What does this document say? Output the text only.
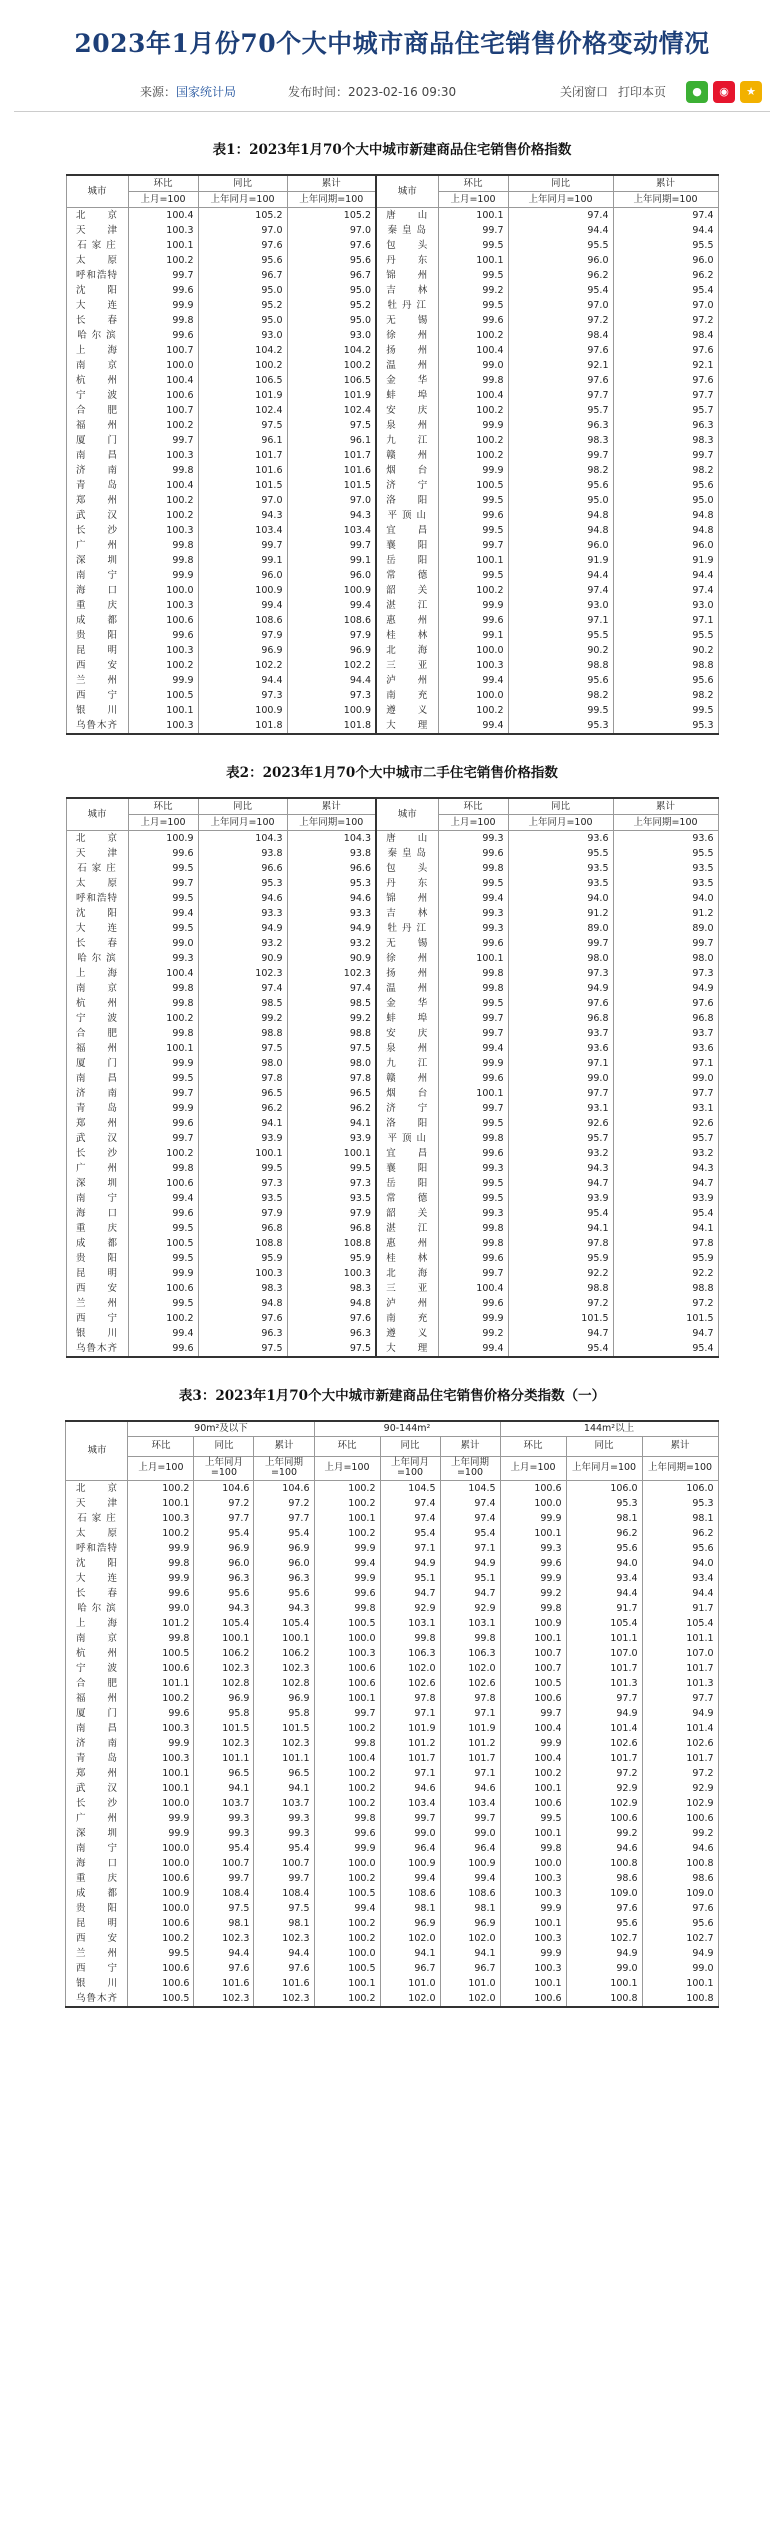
2023年1月份70个大中城市商品住宅销售价格变动情况
来源：国家统计局	发布时间：2023-02-16 09:30	关闭窗口 打印本页	●	◉	★
表1：2023年1月70个大中城市新建商品住宅销售价格指数
城市	环比	同比	累计	城市	环比	同比	累计
	上月=100	上年同月=100	上年同期=100		上月=100	上年同月=100	上年同期=100
北　　京	100.4	105.2	105.2	唐　　山	100.1	97.4	97.4
天　　津	100.3	97.0	97.0	秦 皇 岛	99.7	94.4	94.4
石 家 庄	100.1	97.6	97.6	包　　头	99.5	95.5	95.5
太　　原	100.2	95.6	95.6	丹　　东	100.1	96.0	96.0
呼和浩特	99.7	96.7	96.7	锦　　州	99.5	96.2	96.2
沈　　阳	99.6	95.0	95.0	吉　　林	99.2	95.4	95.4
大　　连	99.9	95.2	95.2	牡 丹 江	99.5	97.0	97.0
长　　春	99.8	95.0	95.0	无　　锡	99.6	97.2	97.2
哈 尔 滨	99.6	93.0	93.0	徐　　州	100.2	98.4	98.4
上　　海	100.7	104.2	104.2	扬　　州	100.4	97.6	97.6
南　　京	100.0	100.2	100.2	温　　州	99.0	92.1	92.1
杭　　州	100.4	106.5	106.5	金　　华	99.8	97.6	97.6
宁　　波	100.6	101.9	101.9	蚌　　埠	100.4	97.7	97.7
合　　肥	100.7	102.4	102.4	安　　庆	100.2	95.7	95.7
福　　州	100.2	97.5	97.5	泉　　州	99.9	96.3	96.3
厦　　门	99.7	96.1	96.1	九　　江	100.2	98.3	98.3
南　　昌	100.3	101.7	101.7	赣　　州	100.2	99.7	99.7
济　　南	99.8	101.6	101.6	烟　　台	99.9	98.2	98.2
青　　岛	100.4	101.5	101.5	济　　宁	100.5	95.6	95.6
郑　　州	100.2	97.0	97.0	洛　　阳	99.5	95.0	95.0
武　　汉	100.2	94.3	94.3	平 顶 山	99.6	94.8	94.8
长　　沙	100.3	103.4	103.4	宜　　昌	99.5	94.8	94.8
广　　州	99.8	99.7	99.7	襄　　阳	99.7	96.0	96.0
深　　圳	99.8	99.1	99.1	岳　　阳	100.1	91.9	91.9
南　　宁	99.9	96.0	96.0	常　　德	99.5	94.4	94.4
海　　口	100.0	100.9	100.9	韶　　关	100.2	97.4	97.4
重　　庆	100.3	99.4	99.4	湛　　江	99.9	93.0	93.0
成　　都	100.6	108.6	108.6	惠　　州	99.6	97.1	97.1
贵　　阳	99.6	97.9	97.9	桂　　林	99.1	95.5	95.5
昆　　明	100.3	96.9	96.9	北　　海	100.0	90.2	90.2
西　　安	100.2	102.2	102.2	三　　亚	100.3	98.8	98.8
兰　　州	99.9	94.4	94.4	泸　　州	99.4	95.6	95.6
西　　宁	100.5	97.3	97.3	南　　充	100.0	98.2	98.2
银　　川	100.1	100.9	100.9	遵　　义	100.2	99.5	99.5
乌鲁木齐	100.3	101.8	101.8	大　　理	99.4	95.3	95.3
表2：2023年1月70个大中城市二手住宅销售价格指数
城市	环比	同比	累计	城市	环比	同比	累计
	上月=100	上年同月=100	上年同期=100		上月=100	上年同月=100	上年同期=100
北　　京	100.9	104.3	104.3	唐　　山	99.3	93.6	93.6
天　　津	99.6	93.8	93.8	秦 皇 岛	99.6	95.5	95.5
石 家 庄	99.5	96.6	96.6	包　　头	99.8	93.5	93.5
太　　原	99.7	95.3	95.3	丹　　东	99.5	93.5	93.5
呼和浩特	99.5	94.6	94.6	锦　　州	99.4	94.0	94.0
沈　　阳	99.4	93.3	93.3	吉　　林	99.3	91.2	91.2
大　　连	99.5	94.9	94.9	牡 丹 江	99.3	89.0	89.0
长　　春	99.0	93.2	93.2	无　　锡	99.6	99.7	99.7
哈 尔 滨	99.3	90.9	90.9	徐　　州	100.1	98.0	98.0
上　　海	100.4	102.3	102.3	扬　　州	99.8	97.3	97.3
南　　京	99.8	97.4	97.4	温　　州	99.8	94.9	94.9
杭　　州	99.8	98.5	98.5	金　　华	99.5	97.6	97.6
宁　　波	100.2	99.2	99.2	蚌　　埠	99.7	96.8	96.8
合　　肥	99.8	98.8	98.8	安　　庆	99.7	93.7	93.7
福　　州	100.1	97.5	97.5	泉　　州	99.4	93.6	93.6
厦　　门	99.9	98.0	98.0	九　　江	99.9	97.1	97.1
南　　昌	99.5	97.8	97.8	赣　　州	99.6	99.0	99.0
济　　南	99.7	96.5	96.5	烟　　台	100.1	97.7	97.7
青　　岛	99.9	96.2	96.2	济　　宁	99.7	93.1	93.1
郑　　州	99.6	94.1	94.1	洛　　阳	99.5	92.6	92.6
武　　汉	99.7	93.9	93.9	平 顶 山	99.8	95.7	95.7
长　　沙	100.2	100.1	100.1	宜　　昌	99.6	93.2	93.2
广　　州	99.8	99.5	99.5	襄　　阳	99.3	94.3	94.3
深　　圳	100.6	97.3	97.3	岳　　阳	99.5	94.7	94.7
南　　宁	99.4	93.5	93.5	常　　德	99.5	93.9	93.9
海　　口	99.6	97.9	97.9	韶　　关	99.3	95.4	95.4
重　　庆	99.5	96.8	96.8	湛　　江	99.8	94.1	94.1
成　　都	100.5	108.8	108.8	惠　　州	99.8	97.8	97.8
贵　　阳	99.5	95.9	95.9	桂　　林	99.6	95.9	95.9
昆　　明	99.9	100.3	100.3	北　　海	99.7	92.2	92.2
西　　安	100.6	98.3	98.3	三　　亚	100.4	98.8	98.8
兰　　州	99.5	94.8	94.8	泸　　州	99.6	97.2	97.2
西　　宁	100.2	97.6	97.6	南　　充	99.9	101.5	101.5
银　　川	99.4	96.3	96.3	遵　　义	99.2	94.7	94.7
乌鲁木齐	99.6	97.5	97.5	大　　理	99.4	95.4	95.4
表3：2023年1月70个大中城市新建商品住宅销售价格分类指数（一）
城市	90m²及以下			90-144m²			144m²以上		
	环比	同比	累计	环比	同比	累计	环比	同比	累计
	上月=100	上年同月=100	上年同期=100	上月=100	上年同月=100	上年同期=100	上月=100	上年同月=100	上年同期=100
北　　京	100.2	104.6	104.6	100.2	104.5	104.5	100.6	106.0	106.0
天　　津	100.1	97.2	97.2	100.2	97.4	97.4	100.0	95.3	95.3
石 家 庄	100.3	97.7	97.7	100.1	97.4	97.4	99.9	98.1	98.1
太　　原	100.2	95.4	95.4	100.2	95.4	95.4	100.1	96.2	96.2
呼和浩特	99.9	96.9	96.9	99.9	97.1	97.1	99.3	95.6	95.6
沈　　阳	99.8	96.0	96.0	99.4	94.9	94.9	99.6	94.0	94.0
大　　连	99.9	96.3	96.3	99.9	95.1	95.1	99.9	93.4	93.4
长　　春	99.6	95.6	95.6	99.6	94.7	94.7	99.2	94.4	94.4
哈 尔 滨	99.0	94.3	94.3	99.8	92.9	92.9	99.8	91.7	91.7
上　　海	101.2	105.4	105.4	100.5	103.1	103.1	100.9	105.4	105.4
南　　京	99.8	100.1	100.1	100.0	99.8	99.8	100.1	101.1	101.1
杭　　州	100.5	106.2	106.2	100.3	106.3	106.3	100.7	107.0	107.0
宁　　波	100.6	102.3	102.3	100.6	102.0	102.0	100.7	101.7	101.7
合　　肥	101.1	102.8	102.8	100.6	102.6	102.6	100.5	101.3	101.3
福　　州	100.2	96.9	96.9	100.1	97.8	97.8	100.6	97.7	97.7
厦　　门	99.6	95.8	95.8	99.7	97.1	97.1	99.7	94.9	94.9
南　　昌	100.3	101.5	101.5	100.2	101.9	101.9	100.4	101.4	101.4
济　　南	99.9	102.3	102.3	99.8	101.2	101.2	99.9	102.6	102.6
青　　岛	100.3	101.1	101.1	100.4	101.7	101.7	100.4	101.7	101.7
郑　　州	100.1	96.5	96.5	100.2	97.1	97.1	100.2	97.2	97.2
武　　汉	100.1	94.1	94.1	100.2	94.6	94.6	100.1	92.9	92.9
长　　沙	100.0	103.7	103.7	100.2	103.4	103.4	100.6	102.9	102.9
广　　州	99.9	99.3	99.3	99.8	99.7	99.7	99.5	100.6	100.6
深　　圳	99.9	99.3	99.3	99.6	99.0	99.0	100.1	99.2	99.2
南　　宁	100.0	95.4	95.4	99.9	96.4	96.4	99.8	94.6	94.6
海　　口	100.0	100.7	100.7	100.0	100.9	100.9	100.0	100.8	100.8
重　　庆	100.6	99.7	99.7	100.2	99.4	99.4	100.3	98.6	98.6
成　　都	100.9	108.4	108.4	100.5	108.6	108.6	100.3	109.0	109.0
贵　　阳	100.0	97.5	97.5	99.4	98.1	98.1	99.9	97.6	97.6
昆　　明	100.6	98.1	98.1	100.2	96.9	96.9	100.1	95.6	95.6
西　　安	100.2	102.3	102.3	100.2	102.0	102.0	100.3	102.7	102.7
兰　　州	99.5	94.4	94.4	100.0	94.1	94.1	99.9	94.9	94.9
西　　宁	100.6	97.6	97.6	100.5	96.7	96.7	100.3	99.0	99.0
银　　川	100.6	101.6	101.6	100.1	101.0	101.0	100.1	100.1	100.1
乌鲁木齐	100.5	102.3	102.3	100.2	102.0	102.0	100.6	100.8	100.8
